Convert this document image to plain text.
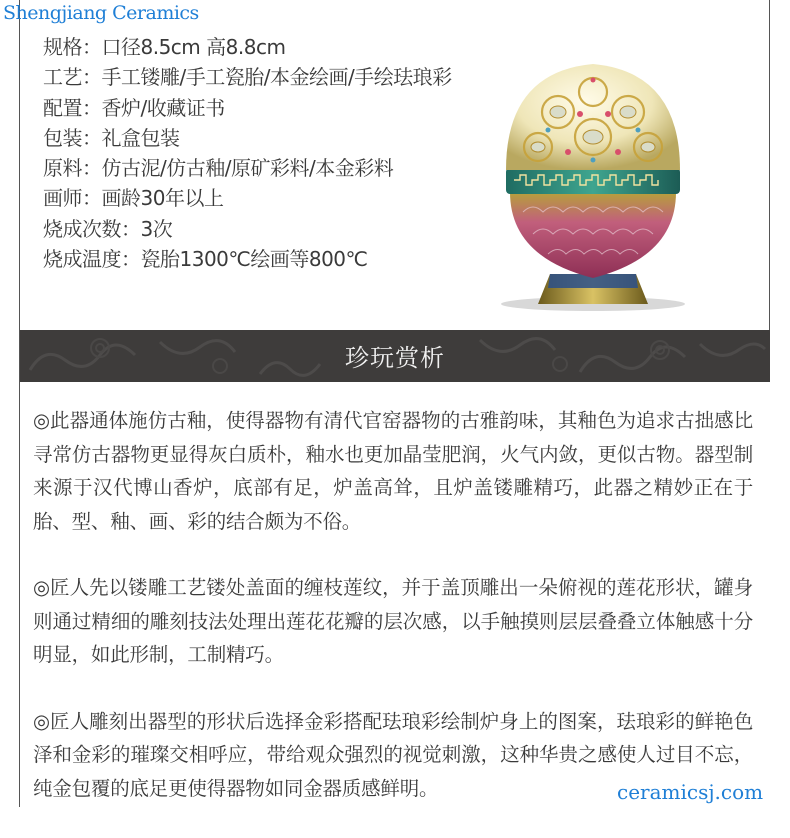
Shengjiang Ceramics
规格：口径8.5cm 高8.8cm
工艺：手工镂雕/手工瓷胎/本金绘画/手绘珐琅彩
配置：香炉/收藏证书
包装：礼盒包装
原料：仿古泥/仿古釉/原矿彩料/本金彩料
画师：画龄30年以上
烧成次数：3次
烧成温度：瓷胎1300℃绘画等800℃
珍玩赏析

◎此器通体施仿古釉，使得器物有清代官窑器物的古雅韵味，其釉色为追求古拙感比寻常仿古器物更显得灰白质朴，釉水也更加晶莹肥润，火气内敛，更似古物。器型制来源于汉代博山香炉，底部有足，炉盖高耸，且炉盖镂雕精巧，此器之精妙正在于胎、型、釉、画、彩的结合颇为不俗。

◎匠人先以镂雕工艺镂处盖面的缠枝莲纹，并于盖顶雕出一朵俯视的莲花形状，罐身则通过精细的雕刻技法处理出莲花花瓣的层次感，以手触摸则层层叠叠立体触感十分明显，如此形制，工制精巧。

◎匠人雕刻出器型的形状后选择金彩搭配珐琅彩绘制炉身上的图案，珐琅彩的鲜艳色泽和金彩的璀璨交相呼应，带给观众强烈的视觉刺激，这种华贵之感使人过目不忘，纯金包覆的底足更使得器物如同金器质感鲜明。	ceramicsj.com
